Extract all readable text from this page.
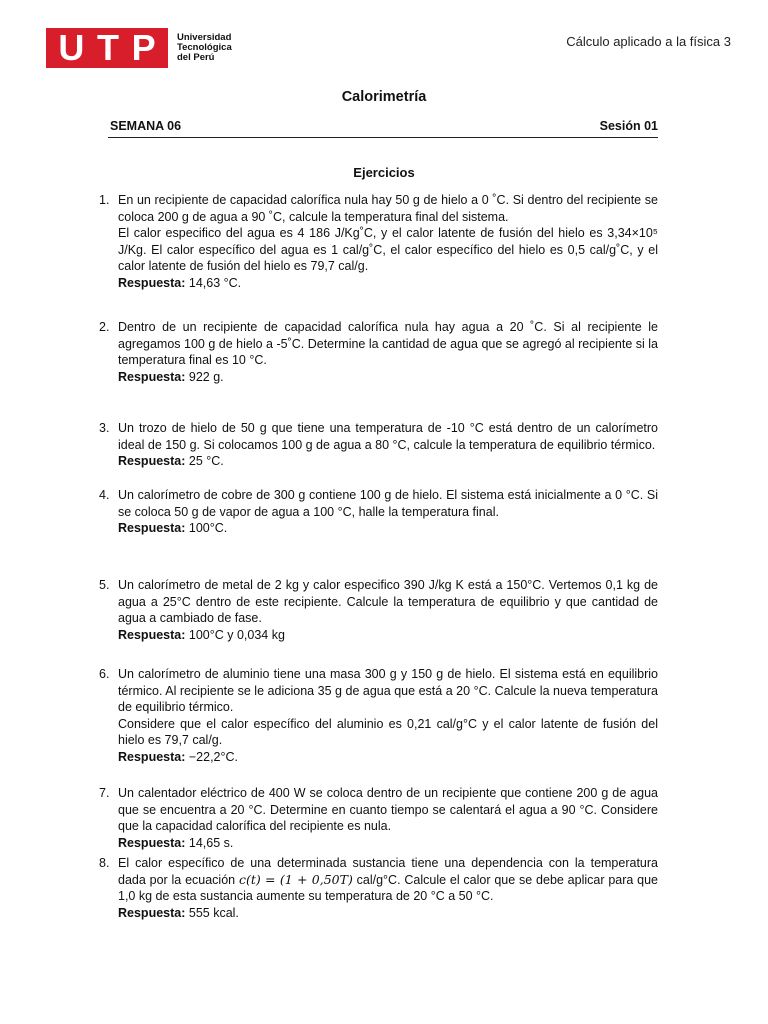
U T P Universidad
Tecnológica
del Perú
Cálculo aplicado a la física 3
Calorimetría
SEMANA 06	Sesión 01
Ejercicios
1. En un recipiente de capacidad calorífica nula hay 50 g de hielo a 0 ˚C. Si dentro del recipiente se coloca 200 g de agua a 90 ˚C, calcule la temperatura final del sistema.

El calor especifico del agua es 4 186 J/Kg˚C, y el calor latente de fusión del hielo es 3,34×10⁵ J/Kg. El calor específico del agua es 1 cal/g˚C, el calor específico del hielo es 0,5 cal/g˚C, y el calor latente de fusión del hielo es 79,7 cal/g.

Respuesta: 14,63 °C.

2. Dentro de un recipiente de capacidad calorífica nula hay agua a 20 ˚C. Si al recipiente le agregamos 100 g de hielo a -5˚C. Determine la cantidad de agua que se agregó al recipiente si la temperatura final es 10 °C.

Respuesta: 922 g.

3. Un trozo de hielo de 50 g que tiene una temperatura de -10 °C está dentro de un calorímetro ideal de 150 g. Si colocamos 100 g de agua a 80 °C, calcule la temperatura de equilibrio térmico.

Respuesta: 25 °C.

4. Un calorímetro de cobre de 300 g contiene 100 g de hielo. El sistema está inicialmente a 0 °C. Si se coloca 50 g de vapor de agua a 100 °C, halle la temperatura final.

Respuesta: 100°C.

5. Un calorímetro de metal de 2 kg y calor especifico 390 J/kg K está a 150°C. Vertemos 0,1 kg de agua a 25°C dentro de este recipiente. Calcule la temperatura de equilibrio y que cantidad de agua a cambiado de fase.

Respuesta: 100°C y 0,034 kg

6. Un calorímetro de aluminio tiene una masa 300 g y 150 g de hielo. El sistema está en equilibrio térmico. Al recipiente se le adiciona 35 g de agua que está a 20 °C. Calcule la nueva temperatura de equilibrio térmico.

Considere que el calor específico del aluminio es 0,21 cal/g°C y el calor latente de fusión del hielo es 79,7 cal/g.

Respuesta: −22,2°C.

7. Un calentador eléctrico de 400 W se coloca dentro de un recipiente que contiene 200 g de agua que se encuentra a 20 °C. Determine en cuanto tiempo se calentará el agua a 90 °C. Considere que la capacidad calorífica del recipiente es nula.

Respuesta: 14,65 s.

8. El calor específico de una determinada sustancia tiene una dependencia con la temperatura dada por la ecuación c(t) = (1 + 0,50T) cal/g°C. Calcule el calor que se debe aplicar para que 1,0 kg de esta sustancia aumente su temperatura de 20 °C a 50 °C.

Respuesta: 555 kcal.
